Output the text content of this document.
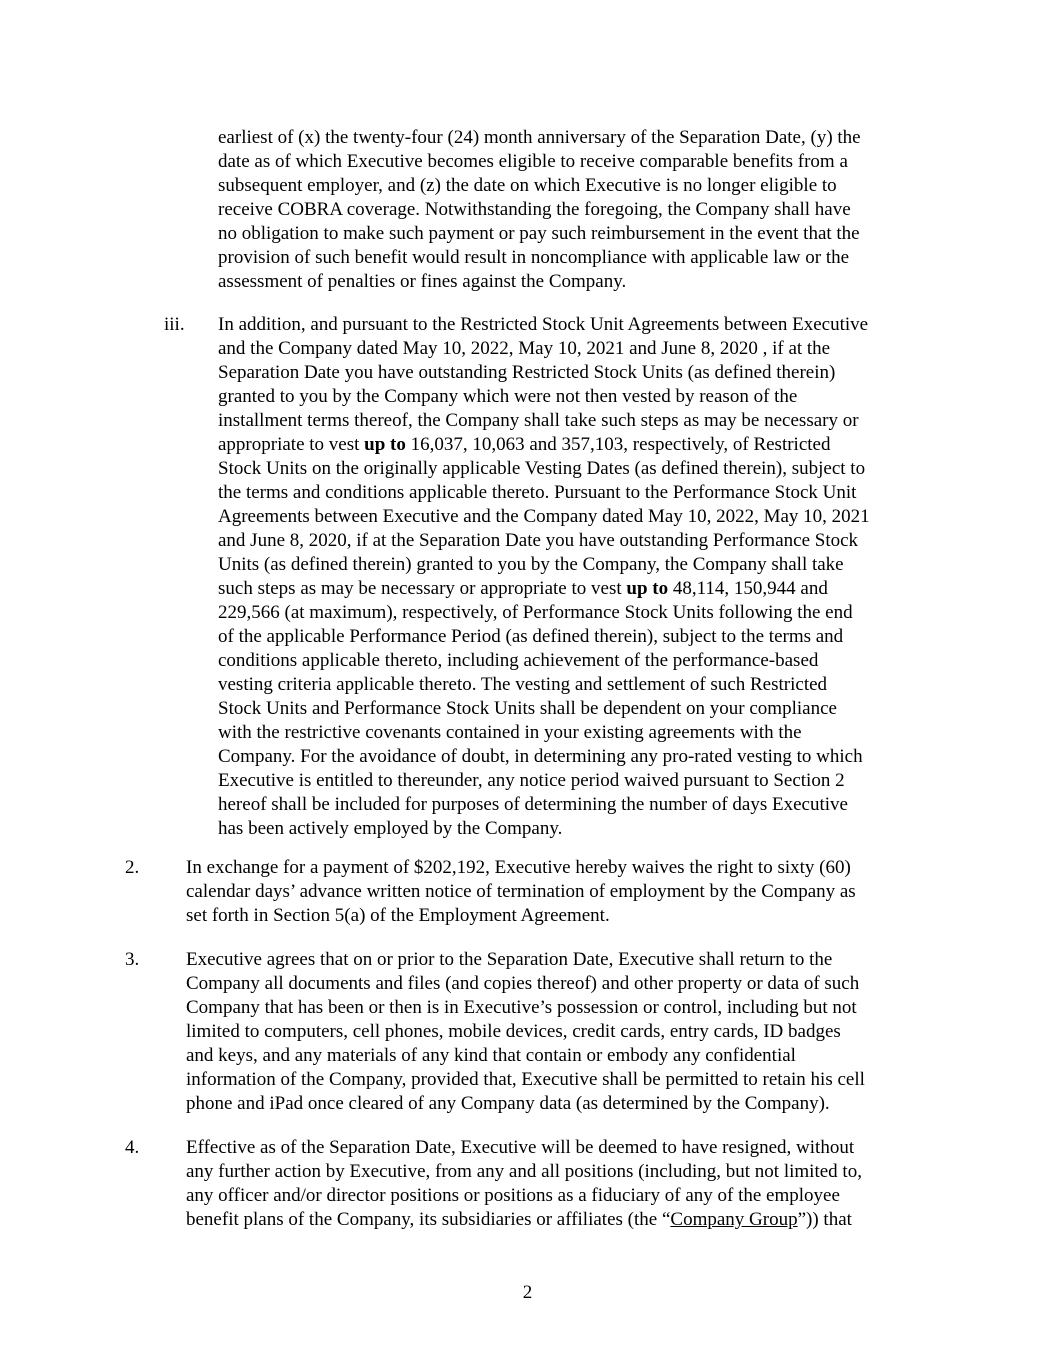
earliest of (x) the twenty-four (24) month anniversary of the Separation Date, (y) the
date as of which Executive becomes eligible to receive comparable benefits from a
subsequent employer, and (z) the date on which Executive is no longer eligible to
receive COBRA coverage. Notwithstanding the foregoing, the Company shall have
no obligation to make such payment or pay such reimbursement in the event that the
provision of such benefit would result in noncompliance with applicable law or the
assessment of penalties or fines against the Company.
iii. In addition, and pursuant to the Restricted Stock Unit Agreements between Executive
and the Company dated May 10, 2022, May 10, 2021 and June 8, 2020 , if at the
Separation Date you have outstanding Restricted Stock Units (as defined therein)
granted to you by the Company which were not then vested by reason of the
installment terms thereof, the Company shall take such steps as may be necessary or
appropriate to vest up to 16,037, 10,063 and 357,103, respectively, of Restricted
Stock Units on the originally applicable Vesting Dates (as defined therein), subject to
the terms and conditions applicable thereto. Pursuant to the Performance Stock Unit
Agreements between Executive and the Company dated May 10, 2022, May 10, 2021
and June 8, 2020, if at the Separation Date you have outstanding Performance Stock
Units (as defined therein) granted to you by the Company, the Company shall take
such steps as may be necessary or appropriate to vest up to 48,114, 150,944 and
229,566 (at maximum), respectively, of Performance Stock Units following the end
of the applicable Performance Period (as defined therein), subject to the terms and
conditions applicable thereto, including achievement of the performance-based
vesting criteria applicable thereto. The vesting and settlement of such Restricted
Stock Units and Performance Stock Units shall be dependent on your compliance
with the restrictive covenants contained in your existing agreements with the
Company. For the avoidance of doubt, in determining any pro-rated vesting to which
Executive is entitled to thereunder, any notice period waived pursuant to Section 2
hereof shall be included for purposes of determining the number of days Executive
has been actively employed by the Company.
2. In exchange for a payment of $202,192, Executive hereby waives the right to sixty (60)
calendar days’ advance written notice of termination of employment by the Company as
set forth in Section 5(a) of the Employment Agreement.
3. Executive agrees that on or prior to the Separation Date, Executive shall return to the
Company all documents and files (and copies thereof) and other property or data of such
Company that has been or then is in Executive’s possession or control, including but not
limited to computers, cell phones, mobile devices, credit cards, entry cards, ID badges
and keys, and any materials of any kind that contain or embody any confidential
information of the Company, provided that, Executive shall be permitted to retain his cell
phone and iPad once cleared of any Company data (as determined by the Company).
4. Effective as of the Separation Date, Executive will be deemed to have resigned, without
any further action by Executive, from any and all positions (including, but not limited to,
any officer and/or director positions or positions as a fiduciary of any of the employee
benefit plans of the Company, its subsidiaries or affiliates (the “Company Group”)) that
2
